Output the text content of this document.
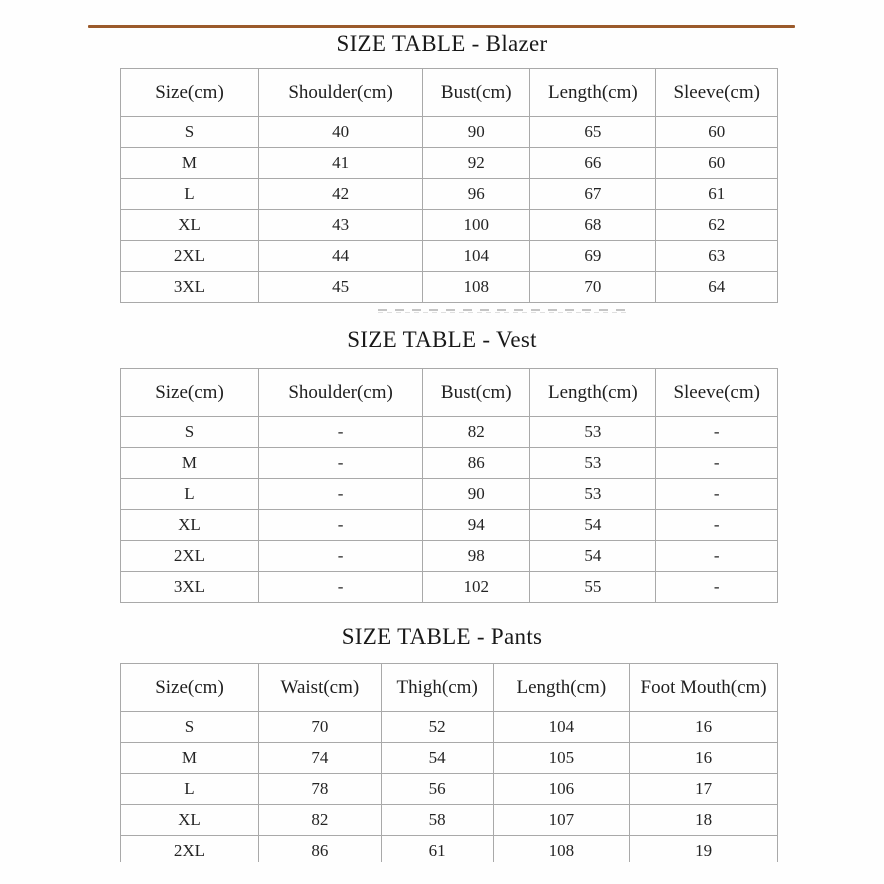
SIZE TABLE - Blazer
Size(cm)	Shoulder(cm)	Bust(cm)	Length(cm)	Sleeve(cm)
S	40	90	65	60
M	41	92	66	60
L	42	96	67	61
XL	43	100	68	62
2XL	44	104	69	63
3XL	45	108	70	64
SIZE TABLE - Vest
Size(cm)	Shoulder(cm)	Bust(cm)	Length(cm)	Sleeve(cm)
S	-	82	53	-
M	-	86	53	-
L	-	90	53	-
XL	-	94	54	-
2XL	-	98	54	-
3XL	-	102	55	-
SIZE TABLE - Pants
Size(cm)	Waist(cm)	Thigh(cm)	Length(cm)	Foot Mouth(cm)
S	70	52	104	16
M	74	54	105	16
L	78	56	106	17
XL	82	58	107	18
2XL	86	61	108	19
